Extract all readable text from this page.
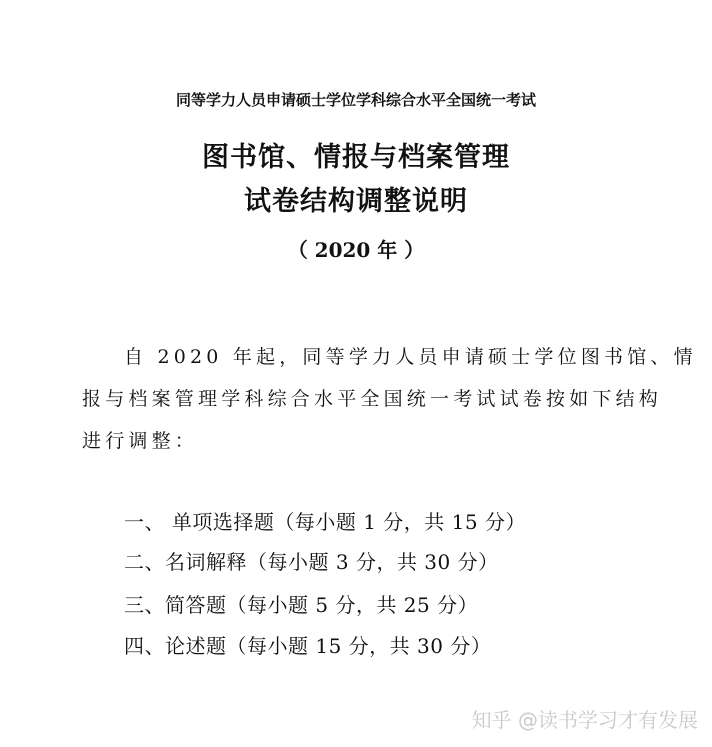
同等学力人员申请硕士学位学科综合水平全国统一考试
图书馆、情报与档案管理
试卷结构调整说明
（ 2020 年 ）
自 2020 年起，同等学力人员申请硕士学位图书馆、情
报与档案管理学科综合水平全国统一考试试卷按如下结构
进行调整：
一、 单项选择题（每小题 1 分，共 15 分）
二、名词解释（每小题 3 分，共 30 分）
三、简答题（每小题 5 分，共 25 分）
四、论述题（每小题 15 分，共 30 分）
知乎 @读书学习才有发展
